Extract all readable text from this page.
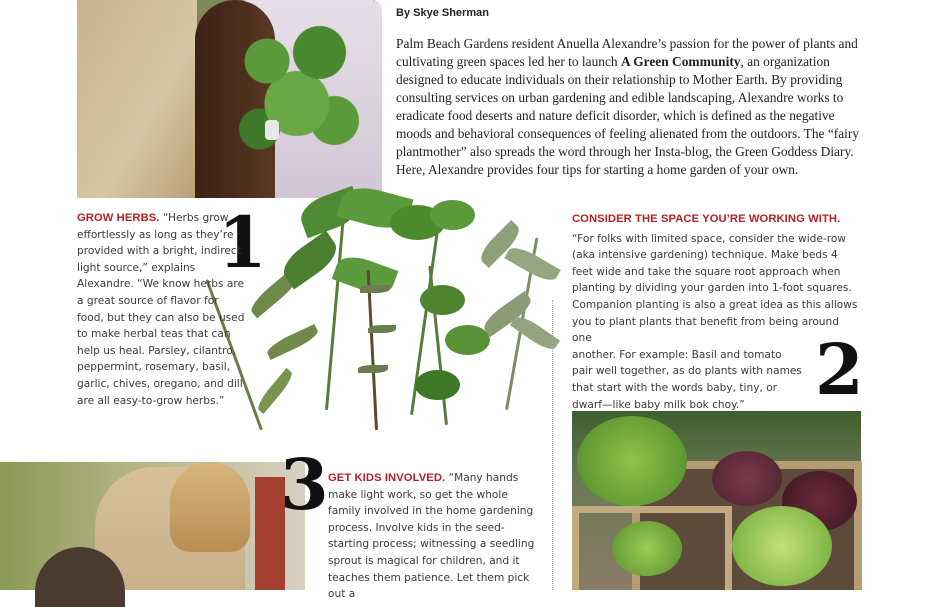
By Skye Sherman

Palm Beach Gardens resident Anuella Alexandre’s passion for the power of plants and cultivating green spaces led her to launch A Green Community, an organization designed to educate individuals on their relationship to Mother Earth. By providing consulting services on urban gardening and edible landscaping, Alexandre works to eradicate food deserts and nature deficit disorder, which is defined as the negative moods and behavioral consequences of feeling alienated from the outdoors. The “fairy plantmother” also spreads the word through her Insta-blog, the Green Goddess Diary. Here, Alexandre provides four tips for starting a home garden of your own.

1
2
3

GROW HERBS. “Herbs grow effortlessly as long as they’re provided with a bright, indirect light source,” explains Alexandre. “We know herbs are a great source of flavor for food, but they can also be used to make herbal teas that can help us heal. Parsley, cilantro, peppermint, rosemary, basil, garlic, chives, oregano, and dill are all easy-to-grow herbs.”

CONSIDER THE SPACE YOU’RE WORKING WITH.
“For folks with limited space, consider the wide-row (aka intensive gardening) technique. Make beds 4 feet wide and take the square root approach when planting by dividing your garden into 1-foot squares. Companion planting is also a great idea as this allows you to plant plants that benefit from being around one
another. For example: Basil and tomato pair well together, as do plants with names that start with the words baby, tiny, or dwarf—like baby milk bok choy.”

GET KIDS INVOLVED. “Many hands make light work, so get the whole family involved in the home gardening process. Involve kids in the seed-starting process; witnessing a seedling sprout is magical for children, and it teaches them patience. Let them pick out a
